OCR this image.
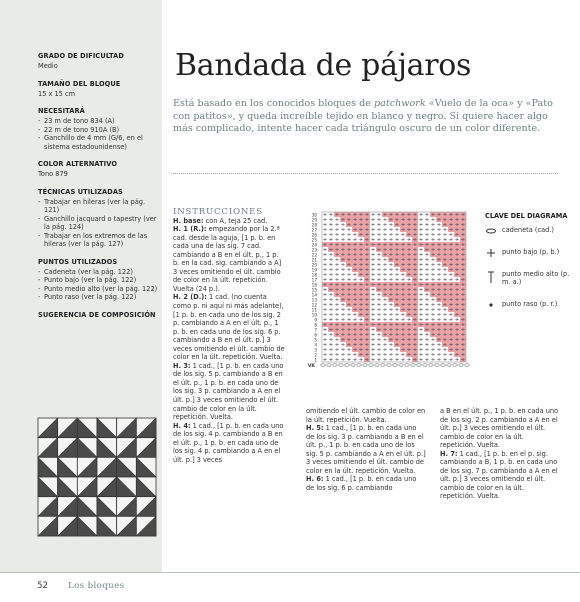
GRADO DE DIFICULTAD

Medio

TAMAÑO DEL BLOQUE

15 x 15 cm

NECESITARÁ

- 23 m de tono 834 (A)
- 22 m de tono 910A (B)
- Ganchillo de 4 mm (G/6, en el sistema estadounidense)

COLOR ALTERNATIVO

Tono 879

TÉCNICAS UTILIZADAS

- Trabajar en hileras (ver la pág. 121)
- Ganchillo jacquard o tapestry (ver la pág. 124)
- Trabajar en los extremos de las hileras (ver la pág. 127)

PUNTOS UTILIZADOS

- Cadeneta (ver la pág. 122)
- Punto bajo (ver la pág. 122)
- Punto medio alto (ver la pág. 122)
- Punto raso (ver la pág. 122)

SUGERENCIA DE COMPOSICIÓN

Bandada de pájaros

Está basado en los conocidos bloques de patchwork «Vuelo de la oca» y «Pato con patitos», y queda increíble tejido en blanco y negro. Si quiere hacer algo más complicado, intente hacer cada triángulo oscuro de un color diferente.

INSTRUCCIONES

H. base: con A, teja 25 cad.

H. 1 (R.): empezando por la 2.ª cad. desde la aguja, [1 p. b. en cada una de las sig. 7 cad. cambiando a B en el últ. p., 1 p. b. en la cad. sig. cambiando a A] 3 veces omitiendo el últ. cambio de color en la últ. repetición. Vuelta (24 p.).

H. 2 (D.): 1 cad. (no cuenta como p. ni aquí ni más adelante), [1 p. b. en cada uno de los sig. 2 p. cambiando a A en el últ. p., 1 p. b. en cada uno de los sig. 6 p. cambiando a B en el últ. p.] 3 veces omitiendo el últ. cambio de color en la últ. repetición. Vuelta.

H. 3: 1 cad., [1 p. b. en cada uno de los sig. 5 p. cambiando a B en el últ. p., 1 p. b. en cada uno de los sig. 3 p. cambiando a A en el últ. p.] 3 veces omitiendo el últ. cambio de color en la últ. repetición. Vuelta.

H. 4: 1 cad., [1 p. b. en cada uno de los sig. 4 p. cambiando a B en el últ. p., 1 p. b. en cada uno de los sig. 4 p. cambiando a A en el últ. p.] 3 veces

omitiendo el últ. cambio de color en la últ. repetición. Vuelta.

H. 5: 1 cad., [1 p. b. en cada uno de los sig. 3 p. cambiando a B en el últ. p., 1 p. b. en cada uno de los sig. 5 p. cambiando a A en el últ. p.] 3 veces omitiendo el últ. cambio de color en la últ. repetición. Vuelta.

H. 6: 1 cad., [1 p. b. en cada uno de los sig. 6 p. cambiando

a B en el últ. p., 1 p. b. en cada uno de los sig. 2 p. cambiando a A en el últ. p.] 3 veces omitiendo el últ. cambio de color en la últ. repetición. Vuelta.

H. 7: 1 cad., [1 p. b. en el p. sig. cambiando a B, 1 p. b. en cada uno de los sig. 7 p. cambiando a A en el últ. p.] 3 veces omitiendo el últ. cambio de color en la últ. repetición. Vuelta.

30
29
28
27
26
25
24
23
22
21
20
19
18
17
16
15
14
13
12
11
10
9
8
7
6
5
4
3
2
1
VK

CLAVE DEL DIAGRAMA

cadeneta (cad.)
punto bajo (p. b.)
punto medio alto (p. m. a.)
punto raso (p. r.)
52 Los bloques
